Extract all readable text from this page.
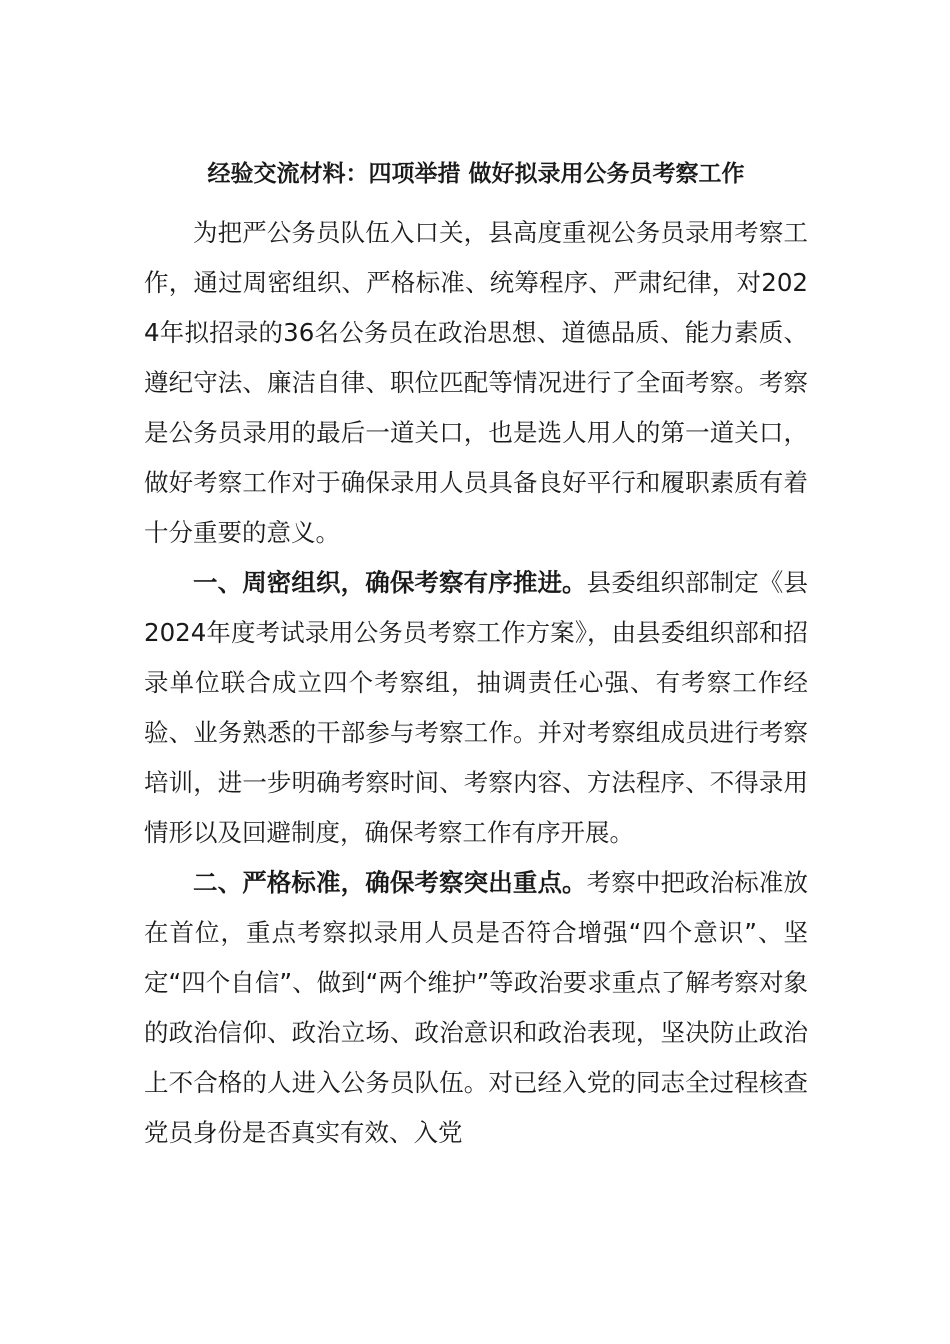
经验交流材料：四项举措 做好拟录用公务员考察工作

为把严公务员队伍入口关，县高度重视公务员录用考察工作，通过周密组织、严格标准、统筹程序、严肃纪律，对2024年拟招录的36名公务员在政治思想、道德品质、能力素质、遵纪守法、廉洁自律、职位匹配等情况进行了全面考察。考察是公务员录用的最后一道关口，也是选人用人的第一道关口，做好考察工作对于确保录用人员具备良好平行和履职素质有着十分重要的意义。

一、周密组织，确保考察有序推进。县委组织部制定《县2024年度考试录用公务员考察工作方案》，由县委组织部和招录单位联合成立四个考察组，抽调责任心强、有考察工作经验、业务熟悉的干部参与考察工作。并对考察组成员进行考察培训，进一步明确考察时间、考察内容、方法程序、不得录用情形以及回避制度，确保考察工作有序开展。

二、严格标准，确保考察突出重点。考察中把政治标准放在首位，重点考察拟录用人员是否符合增强“四个意识”、坚定“四个自信”、做到“两个维护”等政治要求重点了解考察对象的政治信仰、政治立场、政治意识和政治表现，坚决防止政治上不合格的人进入公务员队伍。对已经入党的同志全过程核查党员身份是否真实有效、入党
